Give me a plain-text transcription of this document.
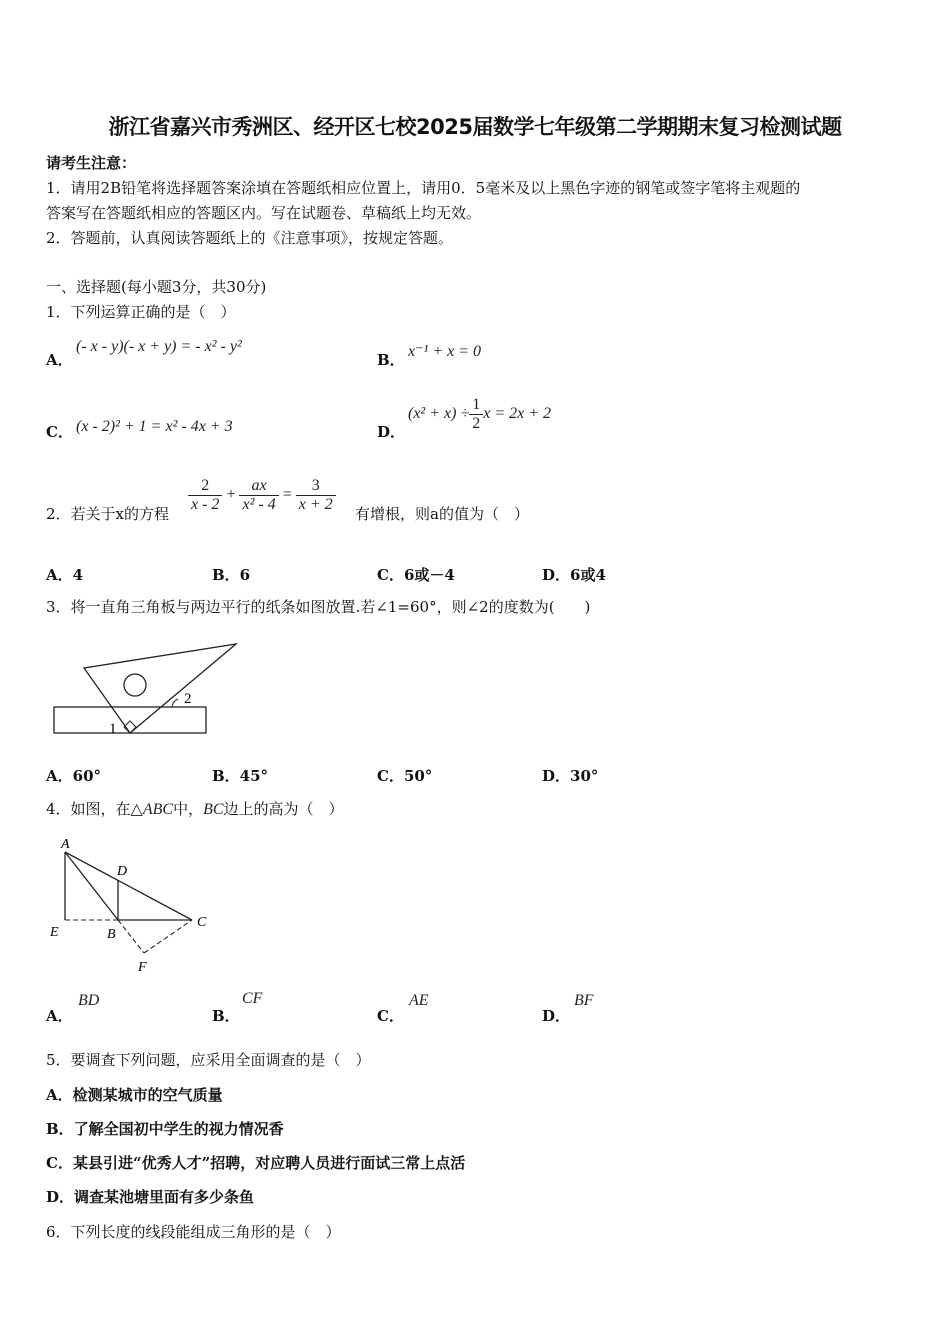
浙江省嘉兴市秀洲区、经开区七校2025届数学七年级第二学期期末复习检测试题
请考生注意：
1．请用2B铅笔将选择题答案涂填在答题纸相应位置上，请用0．5毫米及以上黑色字迹的钢笔或签字笔将主观题的
答案写在答题纸相应的答题区内。写在试题卷、草稿纸上均无效。
2．答题前，认真阅读答题纸上的《注意事项》，按规定答题。
一、选择题(每小题3分，共30分)
1．下列运算正确的是（　）
A．
(- x - y)(- x + y) = - x² - y²
B． x⁻¹ + x = 0
C． (x - 2)² + 1 = x² - 4x + 3	D．
$(x^2 + x) \div \frac{1}{2}$ x = 2x + 2
2．若关于x的方程 $\frac{2}{x - 2} + \frac{ax}{\text{x² - 4}} = \frac{3}{x + 2}$ 有增根，则a的值为（　）
A．4	B．6	C．6或－4	D．6或4
3．将一直角三角板与两边平行的纸条如图放置.若∠1=60°，则∠2的度数为(　　)
2
1
A．60°	B．45°	C．50°	D．30°
4．如图，在△ABC中，BC边上的高为（　）
A
D
E	B
C
F
A．
BD
B．
CF
C．
AE
D．
BF
5．要调查下列问题，应采用全面调查的是（　）
A．检测某城市的空气质量
B．了解全国初中学生的视力情况香
C．某县引进“优秀人才”招聘，对应聘人员进行面试三常上点活
D．调查某池塘里面有多少条鱼
6．下列长度的线段能组成三角形的是（　）
